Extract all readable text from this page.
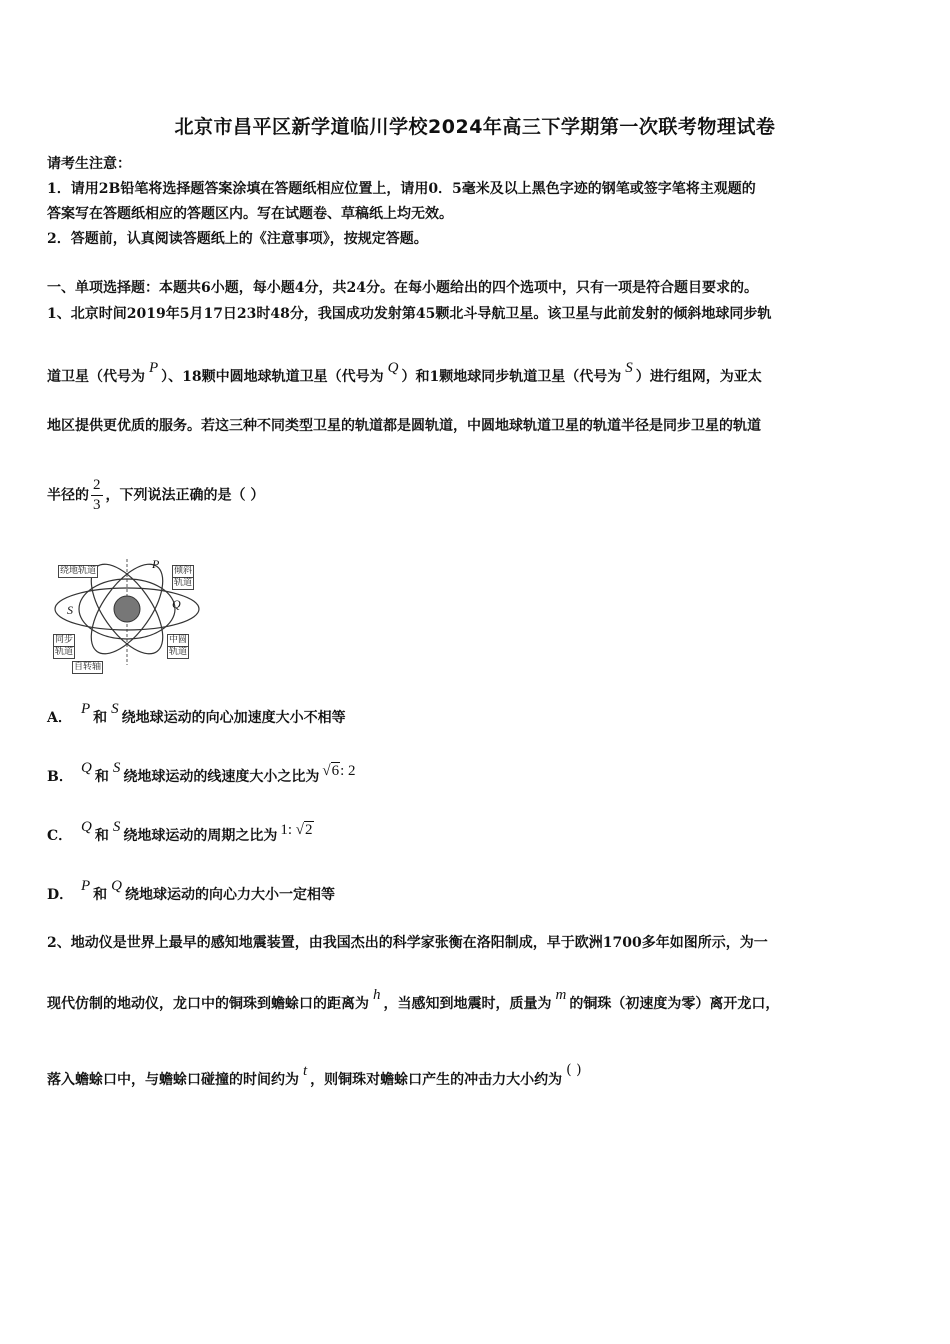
北京市昌平区新学道临川学校2024年高三下学期第一次联考物理试卷
请考生注意：
1．请用2B铅笔将选择题答案涂填在答题纸相应位置上，请用0．5毫米及以上黑色字迹的钢笔或签字笔将主观题的
答案写在答题纸相应的答题区内。写在试题卷、草稿纸上均无效。
2．答题前，认真阅读答题纸上的《注意事项》，按规定答题。
一、单项选择题：本题共6小题，每小题4分，共24分。在每小题给出的四个选项中，只有一项是符合题目要求的。
1、北京时间2019年5月17日23时48分，我国成功发射第45颗北斗导航卫星。该卫星与此前发射的倾斜地球同步轨
道卫星（代号为P）、18颗中圆地球轨道卫星（代号为Q）和1颗地球同步轨道卫星（代号为S）进行组网，为亚太
地区提供更优质的服务。若这三种不同类型卫星的轨道都是圆轨道，中圆地球轨道卫星的轨道半径是同步卫星的轨道
半径的 $\frac{2}{3}$ ，下列说法正确的是（ ）
绕地轨道	倾斜
轨道
同步
轨道
中圆
轨道
自转轴
P
S	Q
A．P和S绕地球运动的向心加速度大小不相等
B．Q和S绕地球运动的线速度大小之比为 √6: 2
C．Q和S绕地球运动的周期之比为 1: √2
D．P和Q绕地球运动的向心力大小一定相等
2、地动仪是世界上最早的感知地震装置，由我国杰出的科学家张衡在洛阳制成，早于欧洲1700多年如图所示，为一
现代仿制的地动仪，龙口中的铜珠到蟾蜍口的距离为h，当感知到地震时，质量为m的铜珠（初速度为零）离开龙口，
落入蟾蜍口中，与蟾蜍口碰撞的时间约为t，则铜珠对蟾蜍口产生的冲击力大小约为( )
